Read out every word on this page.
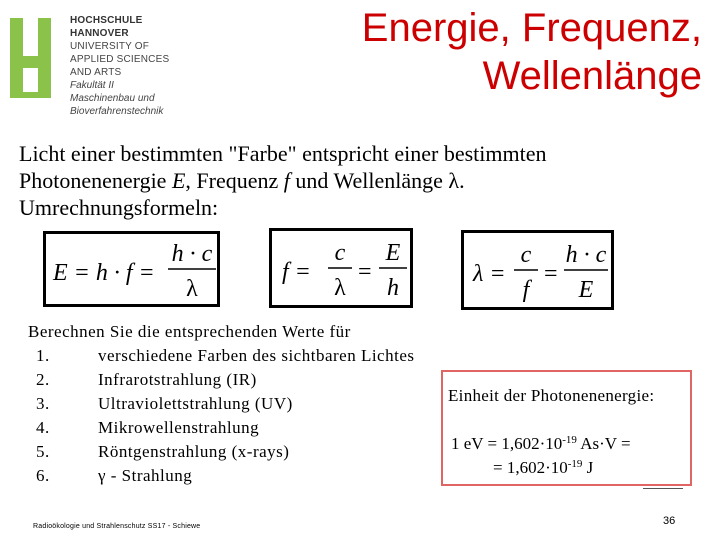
HOCHSCHULE
HANNOVER
UNIVERSITY OF
APPLIED SCIENCES
AND ARTS
Fakultät II
Maschinenbau und
Bioverfahrenstechnik
Energie, Frequenz,
Wellenlänge
Licht einer bestimmten "Farbe" entspricht einer bestimmten
Photonenenergie E, Frequenz f und Wellenlänge λ.
Umrechnungsformeln:
E = h · f =
h · c
λ
f =
c
λ
=
E
h
λ =
c
f
=
h · c
E
Berechnen Sie die entsprechenden Werte für
1.	verschiedene Farben des sichtbaren Lichtes
2.	Infrarotstrahlung (IR)
3.	Ultraviolettstrahlung (UV)
4.	Mikrowellenstrahlung
5.	Röntgenstrahlung (x-rays)
6.	γ - Strahlung
Einheit der Photonenenergie:
1 eV = $1,602\cdot 10^{-19}$ As·V =
= $1,602\cdot 10^{-19}$ J
Radioökologie und Strahlenschutz SS17 - Schiewe	36
